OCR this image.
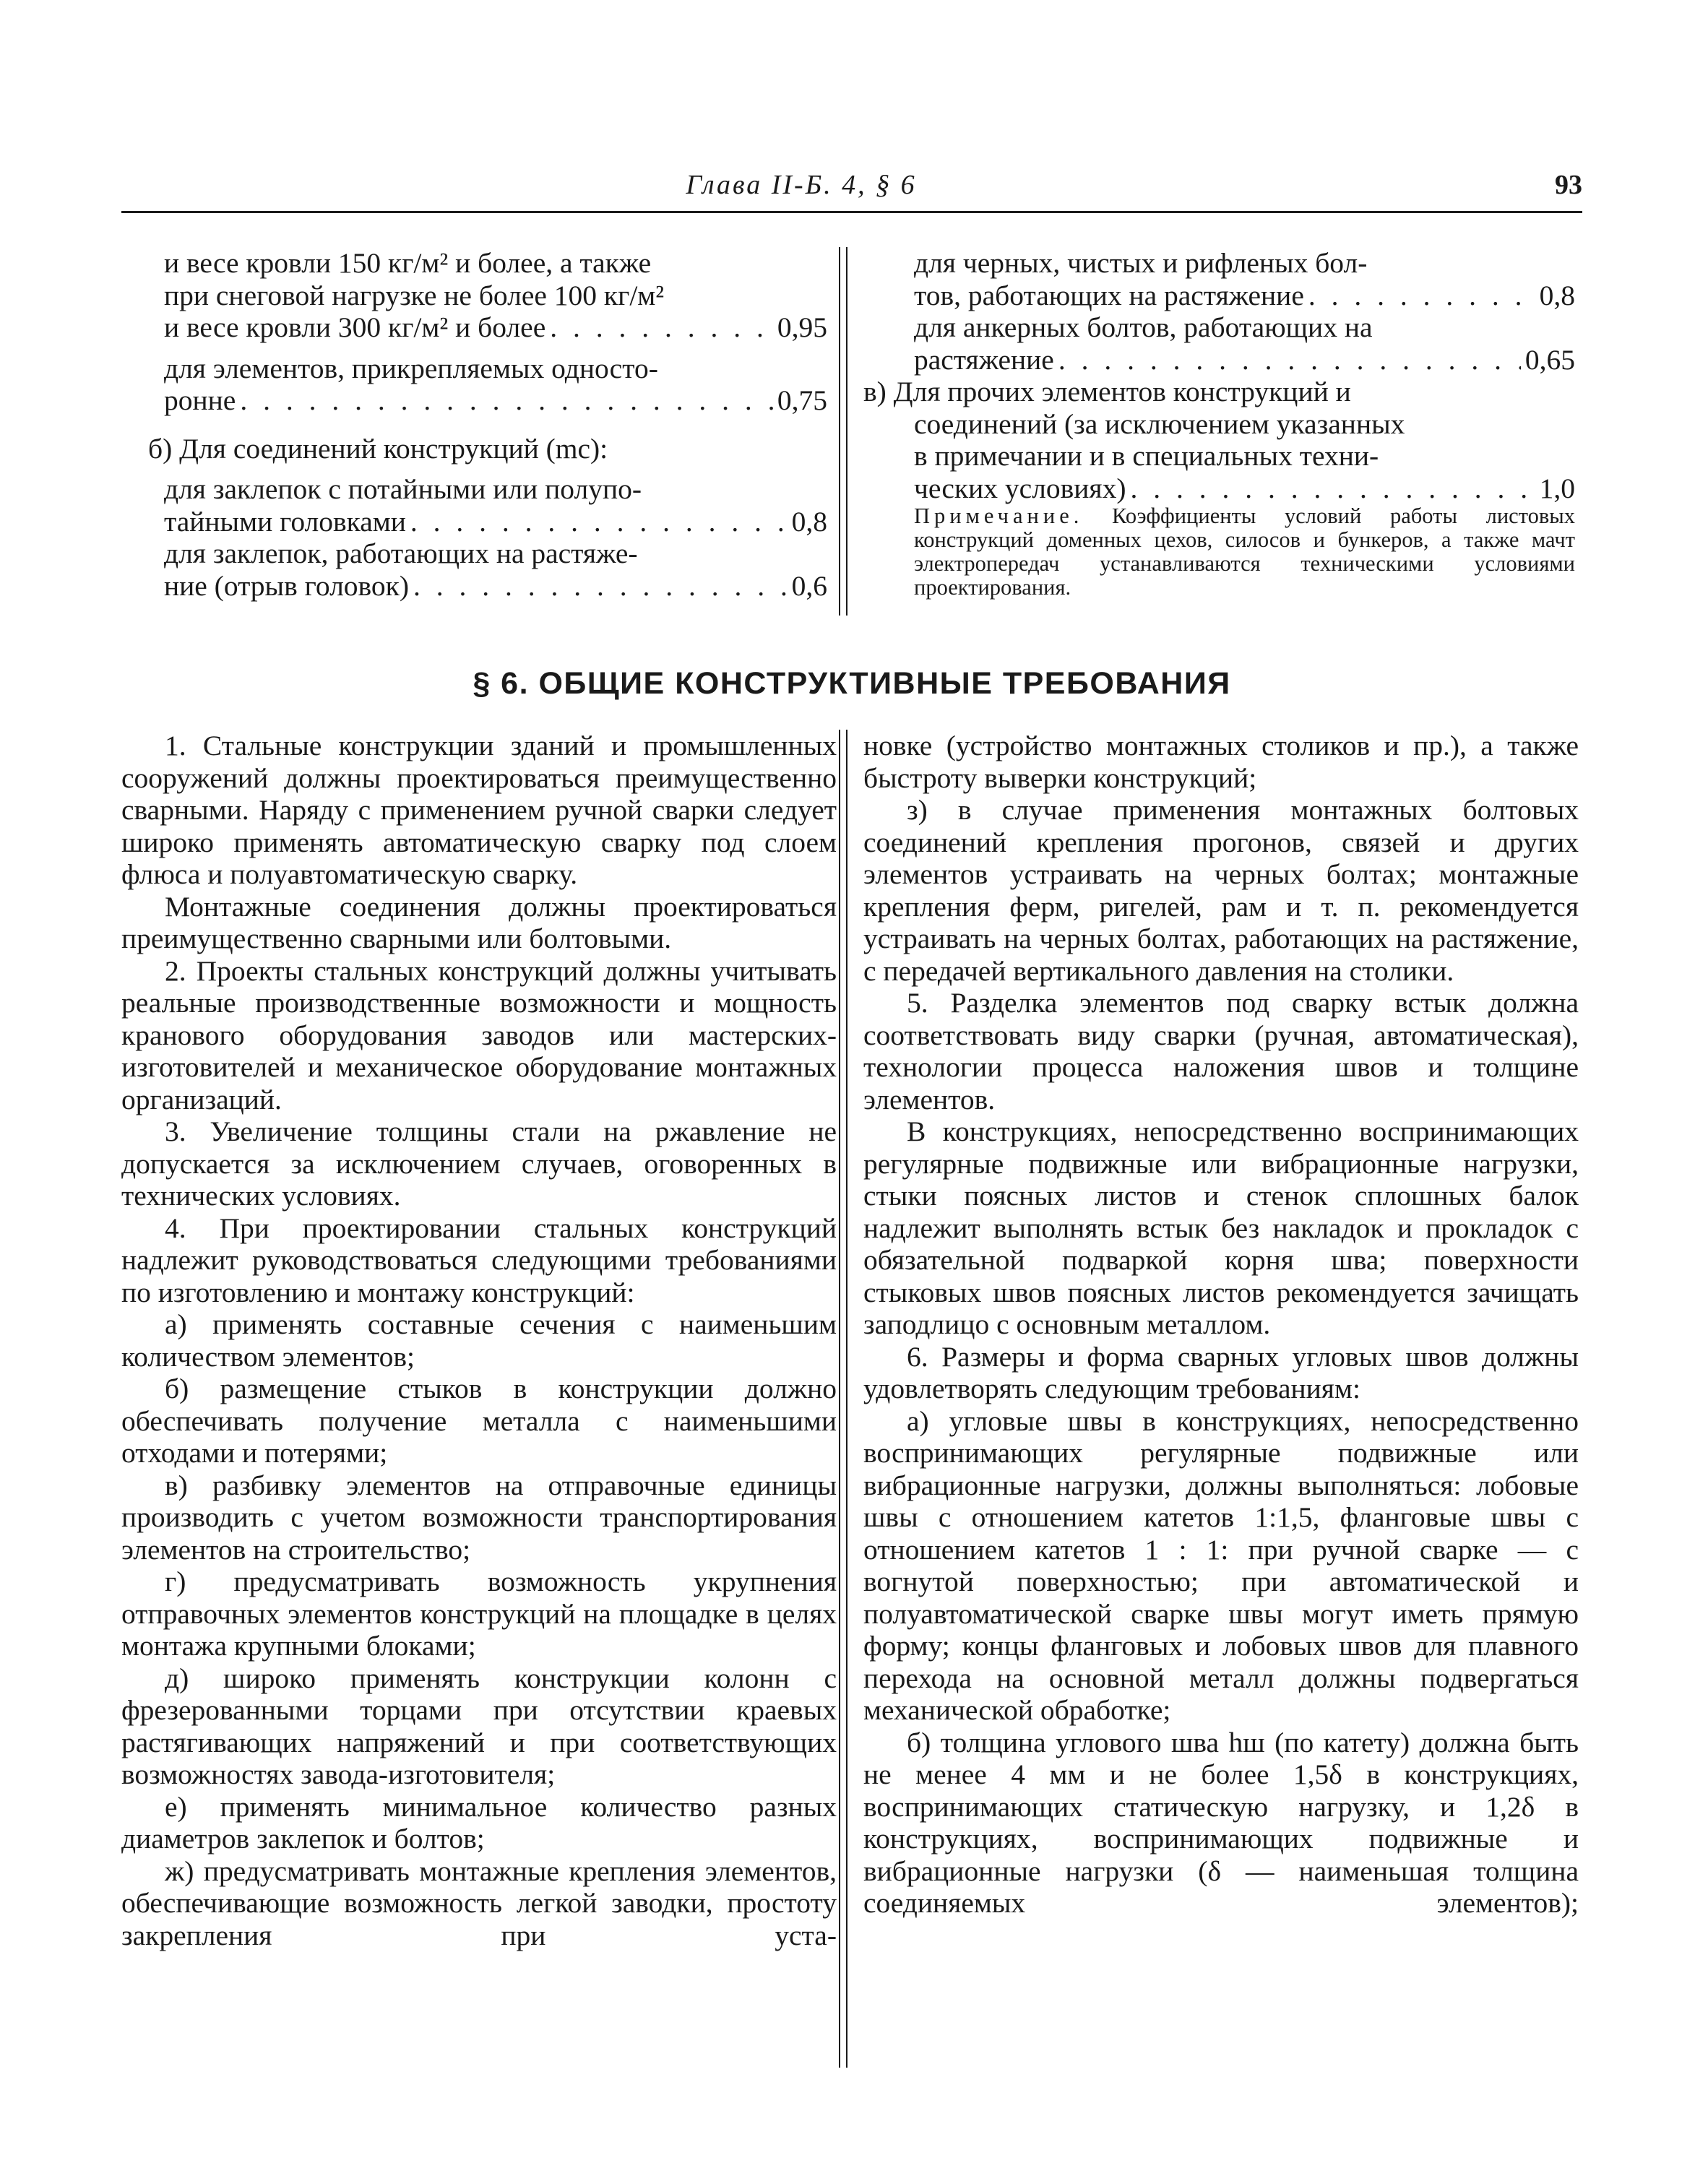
Глава II-Б. 4, § 6	93

и весе кровли 150 кг/м² и более, а также

при снеговой нагрузке не более 100 кг/м²

и весе кровли 300 кг/м² и более . . .	0,95

для элементов, прикрепляемых односто-

ронне . . .	0,75

б) Для соединений конструкций (mс):

для заклепок с потайными или полупо-

тайными головками . . .	0,8

для заклепок, работающих на растяже-

ние (отрыв головок) . . .	0,6

для черных, чистых и рифленых бол-

тов, работающих на растяжение . . .	0,8

для анкерных болтов, работающих на

растяжение . . .	0,65

в) Для прочих элементов конструкций и

соединений (за исключением указанных

в примечании и в специальных техни-

ческих условиях) . . .	1,0

Примечание. Коэффициенты условий работы листовых конструкций доменных цехов, силосов и бункеров, а также мачт электропередач устанавливаются техническими условиями проектирования.

§ 6. ОБЩИЕ КОНСТРУКТИВНЫЕ ТРЕБОВАНИЯ

1. Стальные конструкции зданий и промышленных сооружений должны проектироваться преимущественно сварными. Наряду с применением ручной сварки следует широко применять автоматическую сварку под слоем флюса и полуавтоматическую сварку.

Монтажные соединения должны проектироваться преимущественно сварными или болтовыми.

2. Проекты стальных конструкций должны учитывать реальные производственные возможности и мощность кранового оборудования заводов или мастерских-изготовителей и механическое оборудование монтажных организаций.

3. Увеличение толщины стали на ржавление не допускается за исключением случаев, оговоренных в технических условиях.

4. При проектировании стальных конструкций надлежит руководствоваться следующими требованиями по изготовлению и монтажу конструкций:

а) применять составные сечения с наименьшим количеством элементов;

б) размещение стыков в конструкции должно обеспечивать получение металла с наименьшими отходами и потерями;

в) разбивку элементов на отправочные единицы производить с учетом возможности транспортирования элементов на строительство;

г) предусматривать возможность укрупнения отправочных элементов конструкций на площадке в целях монтажа крупными блоками;

д) широко применять конструкции колонн с фрезерованными торцами при отсутствии краевых растягивающих напряжений и при соответствующих возможностях завода-изготовителя;

е) применять минимальное количество разных диаметров заклепок и болтов;

ж) предусматривать монтажные крепления элементов, обеспечивающие возможность легкой заводки, простоту закрепления при уста-

новке (устройство монтажных столиков и пр.), а также быстроту выверки конструкций;

з) в случае применения монтажных болтовых соединений крепления прогонов, связей и других элементов устраивать на черных болтах; монтажные крепления ферм, ригелей, рам и т. п. рекомендуется устраивать на черных болтах, работающих на растяжение, с передачей вертикального давления на столики.

5. Разделка элементов под сварку встык должна соответствовать виду сварки (ручная, автоматическая), технологии процесса наложения швов и толщине элементов.

В конструкциях, непосредственно воспринимающих регулярные подвижные или вибрационные нагрузки, стыки поясных листов и стенок сплошных балок надлежит выполнять встык без накладок и прокладок с обязательной подваркой корня шва; поверхности стыковых швов поясных листов рекомендуется зачищать заподлицо с основным металлом.

6. Размеры и форма сварных угловых швов должны удовлетворять следующим требованиям:

а) угловые швы в конструкциях, непосредственно воспринимающих регулярные подвижные или вибрационные нагрузки, должны выполняться: лобовые швы с отношением катетов 1:1,5, фланговые швы с отношением катетов 1 : 1: при ручной сварке — с вогнутой поверхностью; при автоматической и полуавтоматической сварке швы могут иметь прямую форму; концы фланговых и лобовых швов для плавного перехода на основной металл должны подвергаться механической обработке;

б) толщина углового шва hш (по катету) должна быть не менее 4 мм и не более 1,5δ в конструкциях, воспринимающих статическую нагрузку, и 1,2δ в конструкциях, воспринимающих подвижные и вибрационные нагрузки (δ — наименьшая толщина соединяемых элементов);
